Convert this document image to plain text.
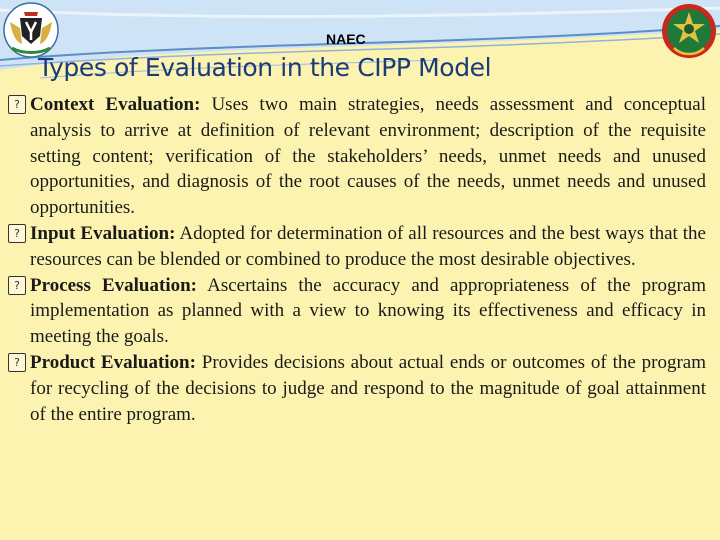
NAEC
Types of Evaluation in the CIPP Model

? Context Evaluation: Uses two main strategies, needs assessment and conceptual analysis to arrive at definition of relevant environment; description of the requisite setting content; verification of the stakeholders’ needs, unmet needs and unused opportunities, and diagnosis of the root causes of the needs, unmet needs and unused opportunities.

? Input Evaluation: Adopted for determination of all resources and the best ways that the resources can be blended or combined to produce the most desirable objectives.

? Process Evaluation: Ascertains the accuracy and appropriateness of the program implementation as planned with a view to knowing its effectiveness and efficacy in meeting the goals.

? Product Evaluation: Provides decisions about actual ends or outcomes of the program for recycling of the decisions to judge and respond to the magnitude of goal attainment of the entire program.
